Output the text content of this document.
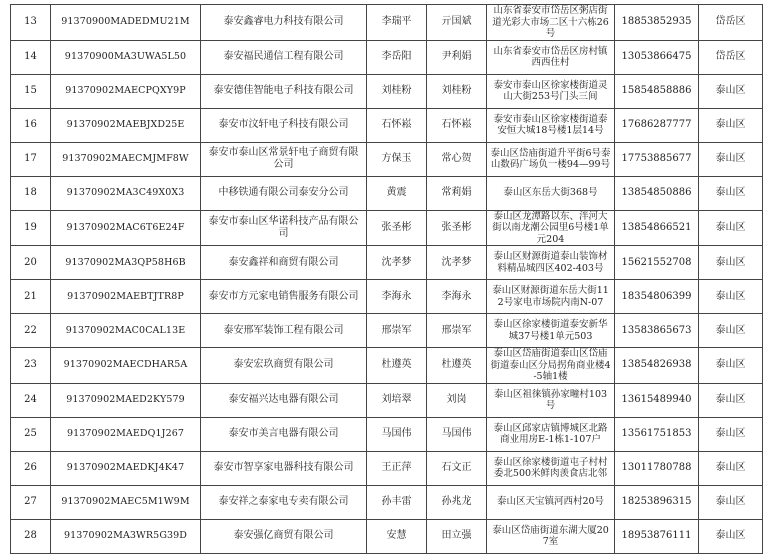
13	91370900MADEDMU21M	泰安鑫睿电力科技有限公司	李瑞平	亓国斌	山东省泰安市岱岳区粥店街道光彩大市场二区十六栋26号	18853852935	岱岳区
14	91370900MA3UWA5L50	泰安福民通信工程有限公司	李岳阳	尹利娟	山东省泰安市岱岳区房村镇西西住村	13053866475	岱岳区
15	91370902MAECPQXY9P	泰安德佳智能电子科技有限公司	刘桂粉	刘桂粉	泰安市泰山区徐家楼街道灵山大街253号门头三间	15854858886	泰山区
16	91370902MAEBJXD25E	泰安市汶轩电子科技有限公司	石怀崧	石怀崧	泰安市泰山区徐家楼街道泰安恒大城18号楼1层14号	17686287777	泰山区
17	91370902MAECMJMF8W	泰安市泰山区常景轩电子商贸有限公司	方保玉	常心贺	泰山区岱庙街道升平街6号泰山数码广场负一楼94—99号	17753885677	泰山区
18	91370902MA3C49X0X3	中移铁通有限公司泰安分公司	黄震	常莉娟	泰山区东岳大街368号	13854850886	泰山区
19	91370902MAC6T6E24F	泰安市泰山区华诺科技产品有限公司	张圣彬	张圣彬	泰山区龙潭路以东、泮河大街以南龙潮公园里6号楼1单元204	13854866521	泰山区
20	91370902MA3QP58H6B	泰安鑫祥和商贸有限公司	沈孝梦	沈孝梦	泰山区财源街道泰山装饰材料精品城四区402-403号	15621552708	泰山区
21	91370902MAEBTJTR8P	泰安市方元家电销售服务有限公司	李海永	李海永	泰山区财源街道东岳大街112号家电市场院内南N-07	18354806399	泰山区
22	91370902MAC0CAL13E	泰安邢军装饰工程有限公司	邢崇军	邢崇军	泰山区徐家楼街道泰安新华城37号楼1单元503	13583865673	泰山区
23	91370902MAECDHAR5A	泰安宏玖商贸有限公司	杜遵英	杜遵英	泰山区岱庙街道泰山区岱庙街道泰山区分局拐角商业楼4-5轴1楼	13854826938	泰山区
24	91370902MAED2KY579	泰安福兴达电器有限公司	刘培翠	刘岗	泰山区祖徕镇孙家疃村103号	13615489940	泰山区
25	91370902MAEDQ1J267	泰安市美言电器有限公司	马国伟	马国伟	泰山区邱家店镇博城区北路商业用房E-1栋1-107户	13561751853	泰山区
26	91370902MAEDKJ4K47	泰安市智享家电器科技有限公司	王正萍	石文正	泰山区徐家楼街道屯子村村委北500米鲜肉羡食店北邻	13011780788	泰山区
27	91370902MAEC5M1W9M	泰安祥之泰家电专卖有限公司	孙丰雷	孙兆龙	泰山区天宝镇河西村20号	18253896315	泰山区
28	91370902MA3WR5G39D	泰安强亿商贸有限公司	安慧	田立强	泰山区岱庙街道东湖大厦207室	18953876111	泰山区
